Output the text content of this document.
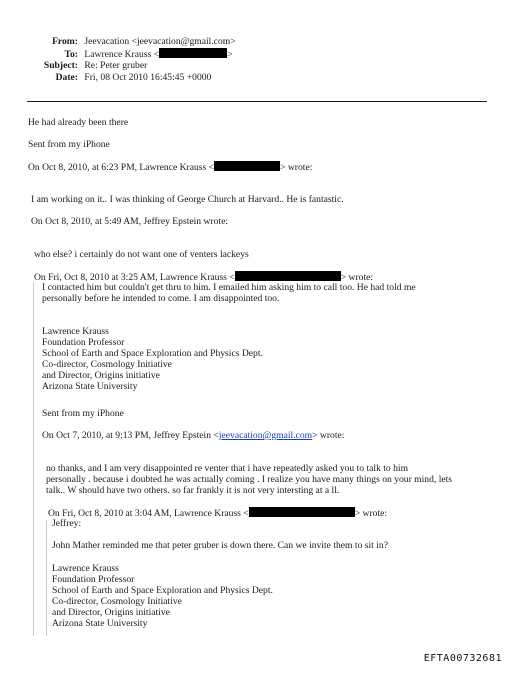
From: Jeevacation <jeevacation@gmail.com>
To: Lawrence Krauss <	>
Subject: Re: Peter gruber
Date: Fri, 08 Oct 2010 16:45:45 +0000
He had already been there
Sent from my iPhone
On Oct 8, 2010, at 6:23 PM, Lawrence Krauss <	> wrote:
I am working on it.. I was thinking of George Church at Harvard.. He is fantastic.
On Oct 8, 2010, at 5:49 AM, Jeffrey Epstein wrote:
who else? i certainly do not want one of venters lackeys
On Fri, Oct 8, 2010 at 3:25 AM, Lawrence Krauss <	> wrote:
I contacted him but couldn't get thru to him. I emailed him asking him to call too. He had told me
personally before he intended to come. I am disappointed too.
Lawrence Krauss
Foundation Professor
School of Earth and Space Exploration and Physics Dept.
Co-director, Cosmology Initiative
and Director, Origins initiative
Arizona State University
Sent from my iPhone
On Oct 7, 2010, at 9:13 PM, Jeffrey Epstein <jeevacation@gmail.com> wrote:
no thanks, and I am very disappointed re venter that i have repeatedly asked you to talk to him
personally . because i doubted he was actually coming . I realize you have many things on your mind, lets
talk.. W should have two others. so far frankly it is not very intersting at a ll.
On Fri, Oct 8, 2010 at 3:04 AM, Lawrence Krauss <	> wrote:
Jeffrey:
John Mather reminded me that peter gruber is down there. Can we invite them to sit in?
Lawrence Krauss
Foundation Professor
School of Earth and Space Exploration and Physics Dept.
Co-director, Cosmology Initiative
and Director, Origins initiative
Arizona State University
EFTA00732681
